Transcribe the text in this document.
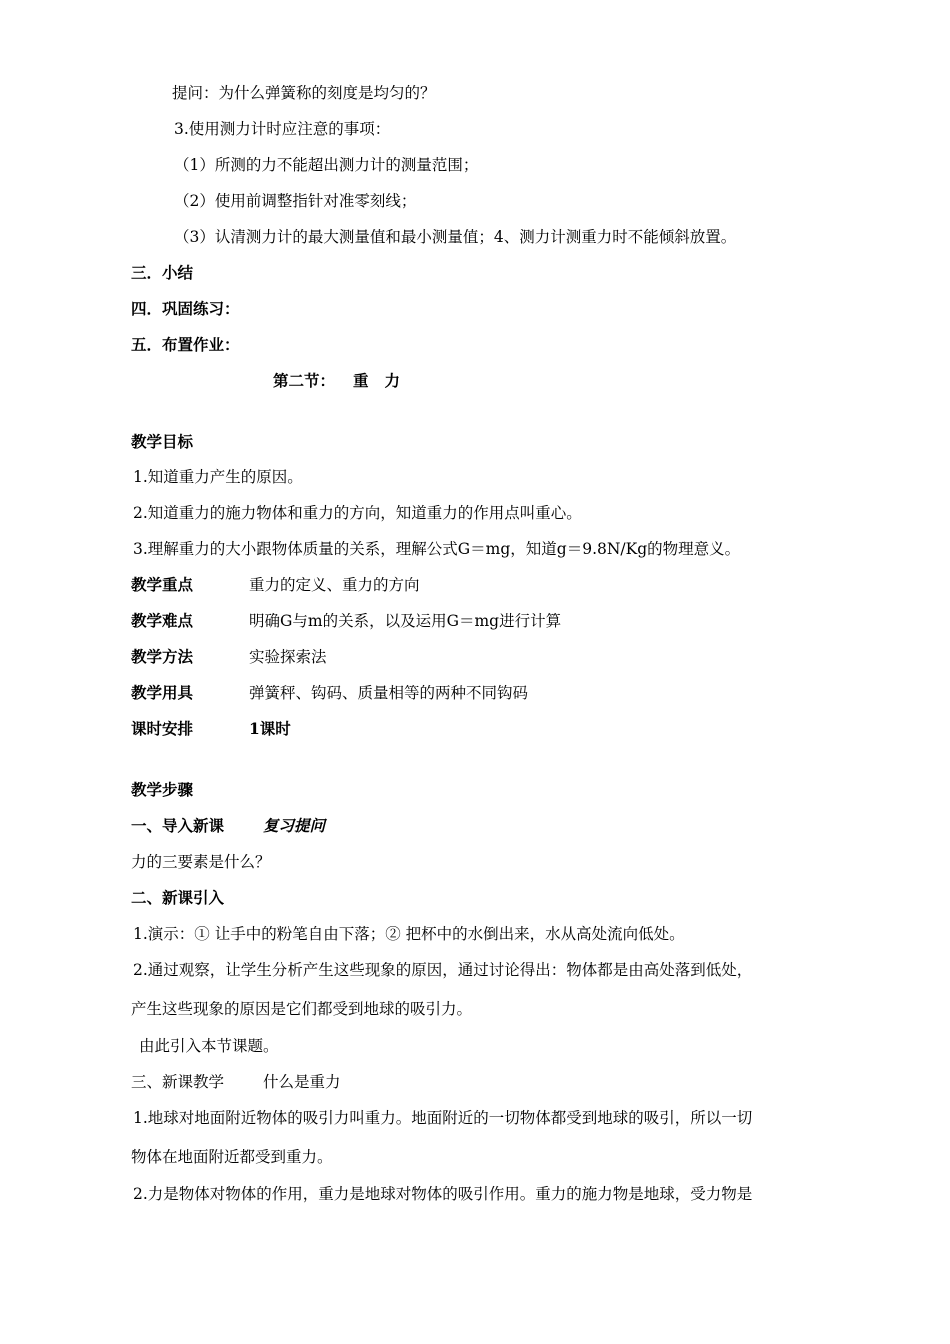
提问：为什么弹簧称的刻度是均匀的？
3.使用测力计时应注意的事项：
（1）所测的力不能超出测力计的测量范围；
（2）使用前调整指针对准零刻线；
（3）认清测力计的最大测量值和最小测量值；4、测力计测重力时不能倾斜放置。
三．小结
四．巩固练习：
五．布置作业：
第二节： 重 力
教学目标
1.知道重力产生的原因。
2.知道重力的施力物体和重力的方向，知道重力的作用点叫重心。
3.理解重力的大小跟物体质量的关系，理解公式G＝mg，知道g＝9.8N/Kg的物理意义。
教学重点	重力的定义、重力的方向
教学难点	明确G与m的关系，以及运用G＝mg进行计算
教学方法	实验探索法
教学用具	弹簧秤、钩码、质量相等的两种不同钩码
课时安排	1课时
教学步骤
一、导入新课	复习提问
力的三要素是什么？
二、新课引入
1.演示：① 让手中的粉笔自由下落；② 把杯中的水倒出来，水从高处流向低处。
2.通过观察，让学生分析产生这些现象的原因，通过讨论得出：物体都是由高处落到低处，
产生这些现象的原因是它们都受到地球的吸引力。
由此引入本节课题。
三、新课教学	什么是重力
1.地球对地面附近物体的吸引力叫重力。地面附近的一切物体都受到地球的吸引，所以一切
物体在地面附近都受到重力。
2.力是物体对物体的作用，重力是地球对物体的吸引作用。重力的施力物是地球，受力物是
